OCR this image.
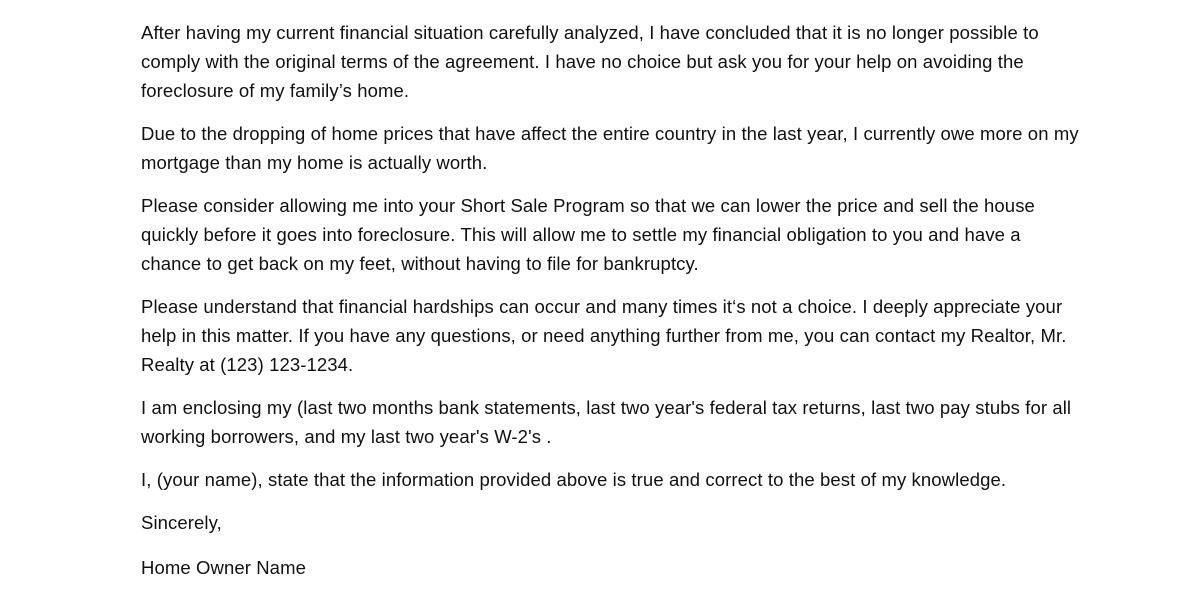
After having my current financial situation carefully analyzed, I have concluded that it is no longer possible to comply with the original terms of the agreement. I have no choice but ask you for your help on avoiding the foreclosure of my family’s home.

Due to the dropping of home prices that have affect the entire country in the last year, I currently owe more on my mortgage than my home is actually worth.

Please consider allowing me into your Short Sale Program so that we can lower the price and sell the house quickly before it goes into foreclosure. This will allow me to settle my financial obligation to you and have a chance to get back on my feet, without having to file for bankruptcy.

Please understand that financial hardships can occur and many times it‘s not a choice. I deeply appreciate your help in this matter. If you have any questions, or need anything further from me, you can contact my Realtor, Mr. Realty at (123) 123-1234.

I am enclosing my (last two months bank statements, last two year's federal tax returns, last two pay stubs for all working borrowers, and my last two year's W-2's .

I, (your name), state that the information provided above is true and correct to the best of my knowledge.

Sincerely,

Home Owner Name
